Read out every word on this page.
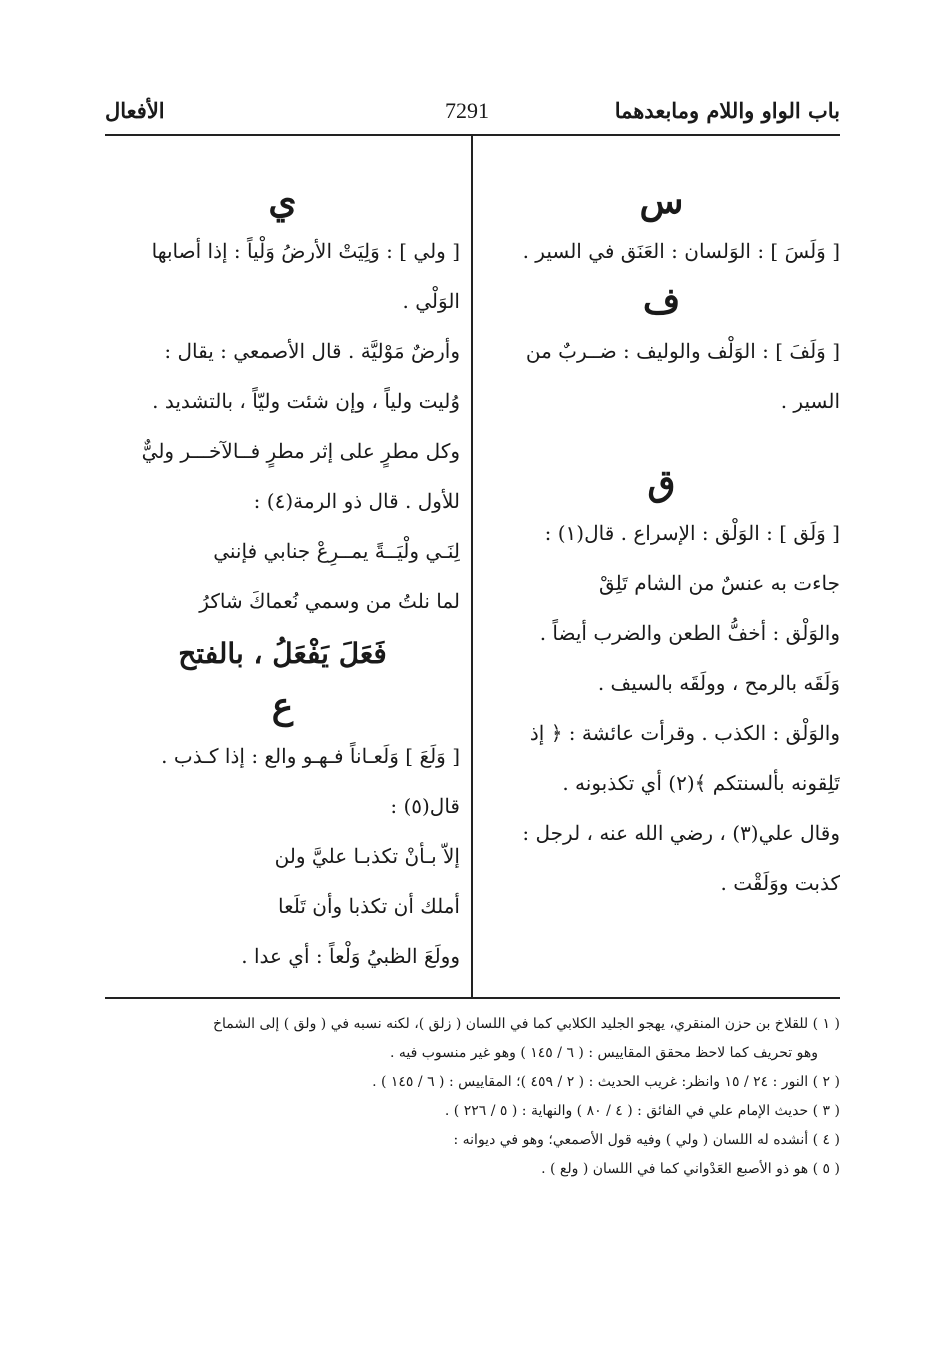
باب الواو واللام ومابعدهما
7291
الأفعال
س
[ وَلَسَ ] : الوَلسان : العَنَق في السير .
ف
[ وَلَفَ ] : الوَلْف والوليف : ضــربٌ من
السير .
ق
[ وَلَق ] : الوَلْق : الإسراع . قال(١) :
جاءت به عنسٌ من الشام تَلِقْ
والوَلْق : أخفُّ الطعن والضرب أيضاً .
وَلَقَه بالرمح ، وولَقَه بالسيف .
والوَلْق : الكذب . وقرأت عائشة : ﴿ إذ
تَلِقونه بألسنتكم ﴾(٢) أي تكذبونه .
وقال علي(٣) ، رضي الله عنه ، لرجل :
كذبت ووَلَقْت .
ي
[ ولي ] : وَلِيَتْ الأرضُ وَلْياً : إذا أصابها
الوَلْي .
وأرضٌ مَوْليَّة . قال الأصمعي : يقال :
وُليت ولياً ، وإن شئت وليّاً ، بالتشديد .
وكل مطرٍ على إثر مطرٍ فــالآخـــر وليٌّ
للأول . قال ذو الرمة(٤) :
لِنَـي ولْيَــةً يمــرِعْ جنابي فإنني
لما نلتُ من وسمي نُعماكَ شاكرُ
فَعَلَ يَفْعَلُ ، بالفتح
ع
[ وَلَعَ ] وَلَعـاناً فـهـو والع : إذا كـذب .
قال(٥) :
إلاّ بـأنْ تكذبـا عليَّ ولن
أملك أن تكذبا وأن تَلَعا
وولَعَ الظبيُ وَلْعاً : أي عدا .
( ١ ) للقلاخ بن حزن المنقري، يهجو الجليد الكلابي كما في اللسان ( زلق )، لكنه نسبه في ( ولق ) إلى الشماخ
وهو تحريف كما لاحظ محقق المقاييس : ( ٦ / ١٤٥ ) وهو غير منسوب فيه .
( ٢ ) النور : ٢٤ / ١٥ وانظر: غريب الحديث : ( ٢ / ٤٥٩ )؛ المقاييس : ( ٦ / ١٤٥ ) .
( ٣ ) حديث الإمام علي في الفائق : ( ٤ / ٨٠ ) والنهاية : ( ٥ / ٢٢٦ ) .
( ٤ ) أنشده له اللسان ( ولي ) وفيه قول الأصمعي؛ وهو في ديوانه :
( ٥ ) هو ذو الأصبع العَدْواني كما في اللسان ( ولع ) .
